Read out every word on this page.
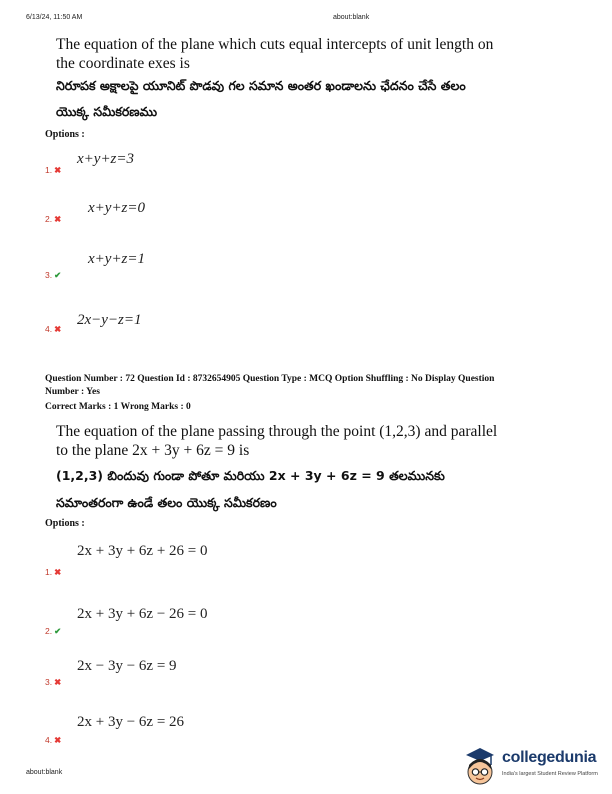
6/13/24, 11:50 AM	about:blank
The equation of the plane which cuts equal intercepts of unit length on
the coordinate exes is
నిరూపక అక్షాలపై యూనిట్ పొడవు గల సమాన అంతర ఖండాలను ఛేదనం చేసే తలం
యొక్క సమీకరణము
Options :
x+y+z=3
1. ✖
x+y+z=0
2. ✖
x+y+z=1
3. ✔
2x−y−z=1
4. ✖
Question Number : 72 Question Id : 8732654905 Question Type : MCQ Option Shuffling : No Display Question
Number : Yes
Correct Marks : 1 Wrong Marks : 0
The equation of the plane passing through the point (1,2,3) and parallel
to the plane 2x + 3y + 6z = 9 is
(1,2,3) బిందువు గుండా పోతూ మరియు 2x + 3y + 6z = 9 తలమునకు
సమాంతరంగా ఉండే తలం యొక్క సమీకరణం
Options :
2x + 3y + 6z + 26 = 0
1. ✖
2x + 3y + 6z − 26 = 0
2. ✔
2x − 3y − 6z = 9
3. ✖
2x + 3y − 6z = 26
4. ✖
about:blank
collegedunia
India's largest Student Review Platform
